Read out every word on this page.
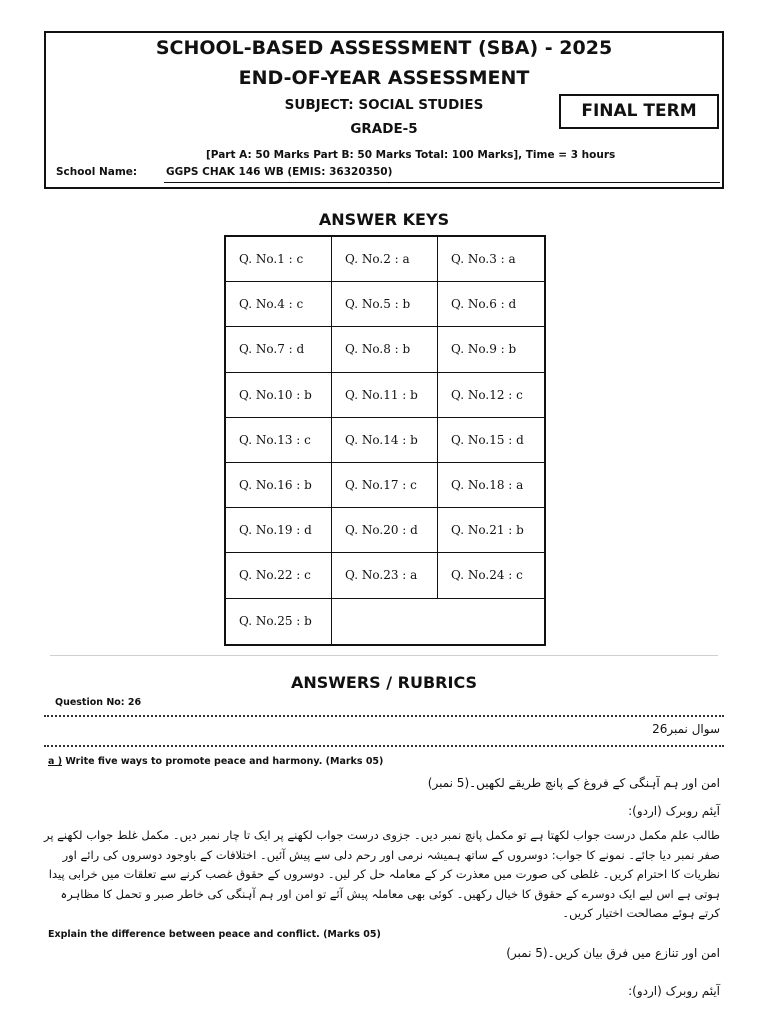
SCHOOL-BASED ASSESSMENT (SBA) - 2025
END-OF-YEAR ASSESSMENT
SUBJECT: SOCIAL STUDIES
GRADE-5
FINAL TERM
[Part A: 50 Marks Part B: 50 Marks Total: 100 Marks], Time = 3 hours
School Name:	GGPS CHAK 146 WB (EMIS: 36320350)
ANSWER KEYS
Q. No.1 : c	Q. No.2 : a	Q. No.3 : a
Q. No.4 : c	Q. No.5 : b	Q. No.6 : d
Q. No.7 : d	Q. No.8 : b	Q. No.9 : b
Q. No.10 : b	Q. No.11 : b	Q. No.12 : c
Q. No.13 : c	Q. No.14 : b	Q. No.15 : d
Q. No.16 : b	Q. No.17 : c	Q. No.18 : a
Q. No.19 : d	Q. No.20 : d	Q. No.21 : b
Q. No.22 : c	Q. No.23 : a	Q. No.24 : c
Q. No.25 : b
ANSWERS / RUBRICS
Question No: 26
سوال نمبر26
a ) Write five ways to promote peace and harmony. (Marks 05)
امن اور ہم آہنگی کے فروغ کے پانچ طریقے لکھیں۔(5 نمبر)
آیئم روبرک (اردو):
طالب علم مکمل درست جواب لکھتا ہے تو مکمل پانچ نمبر دیں۔ جزوی درست جواب لکھنے پر ایک تا چار نمبر دیں۔ مکمل غلط جواب لکھنے پر صفر نمبر دیا جائے۔ نمونے کا جواب: دوسروں کے ساتھ ہمیشہ نرمی اور رحم دلی سے پیش آئیں۔ اختلافات کے باوجود دوسروں کی رائے اور نظریات کا احترام کریں۔ غلطی کی صورت میں معذرت کر کے معاملہ حل کر لیں۔ دوسروں کے حقوق غصب کرنے سے تعلقات میں خرابی پیدا ہوتی ہے اس لیے ایک دوسرے کے حقوق کا خیال رکھیں۔ کوئی بھی معاملہ پیش آئے تو امن اور ہم آہنگی کی خاطر صبر و تحمل کا مظاہرہ کرتے ہوئے مصالحت اختیار کریں۔
Explain the difference between peace and conflict. (Marks 05)
امن اور تنازع میں فرق بیان کریں۔(5 نمبر)
آیئم روبرک (اردو):
